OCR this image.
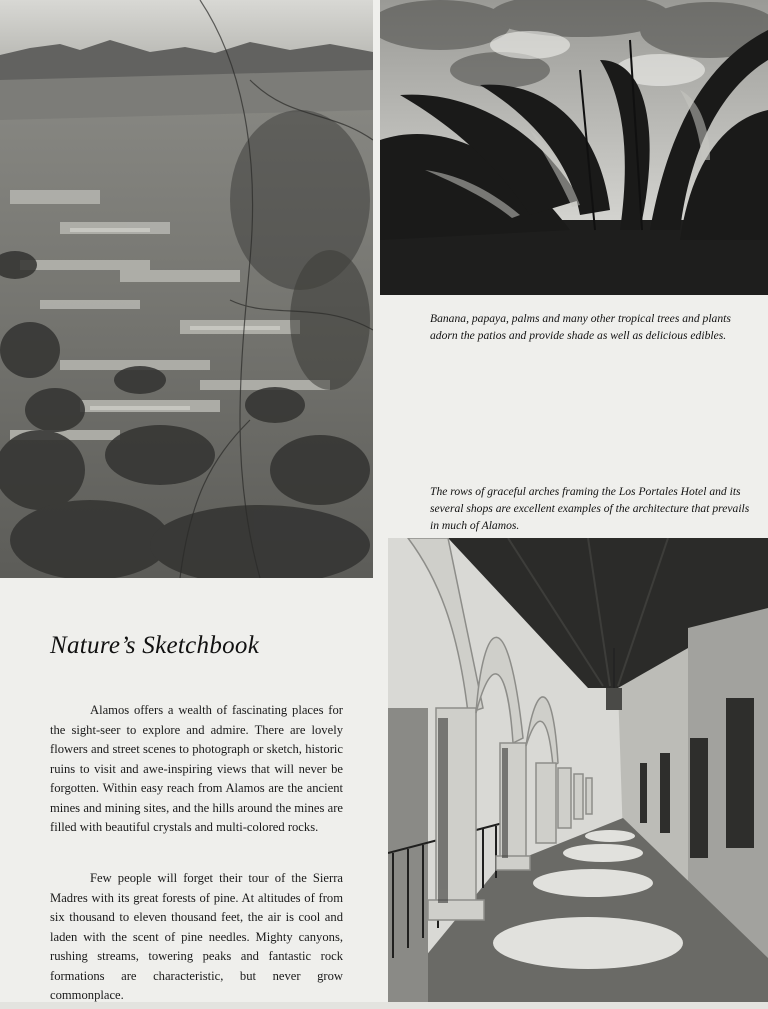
Banana, papaya, palms and many other tropical trees and plants adorn the patios and provide shade as well as delicious edibles.

The rows of graceful arches framing the Los Portales Hotel and its several shops are excellent examples of the architecture that prevails in much of Alamos.

Nature’s Sketchbook

Alamos offers a wealth of fascinating places for the sight-seer to explore and admire. There are lovely flowers and street scenes to photograph or sketch, historic ruins to visit and awe-inspiring views that will never be forgotten. Within easy reach from Alamos are the ancient mines and mining sites, and the hills around the mines are filled with beautiful crystals and multi-colored rocks.

Few people will forget their tour of the Sierra Madres with its great forests of pine. At altitudes of from six thousand to eleven thousand feet, the air is cool and laden with the scent of pine needles. Mighty canyons, rushing streams, towering peaks and fantastic rock formations are characteristic, but never grow commonplace.
